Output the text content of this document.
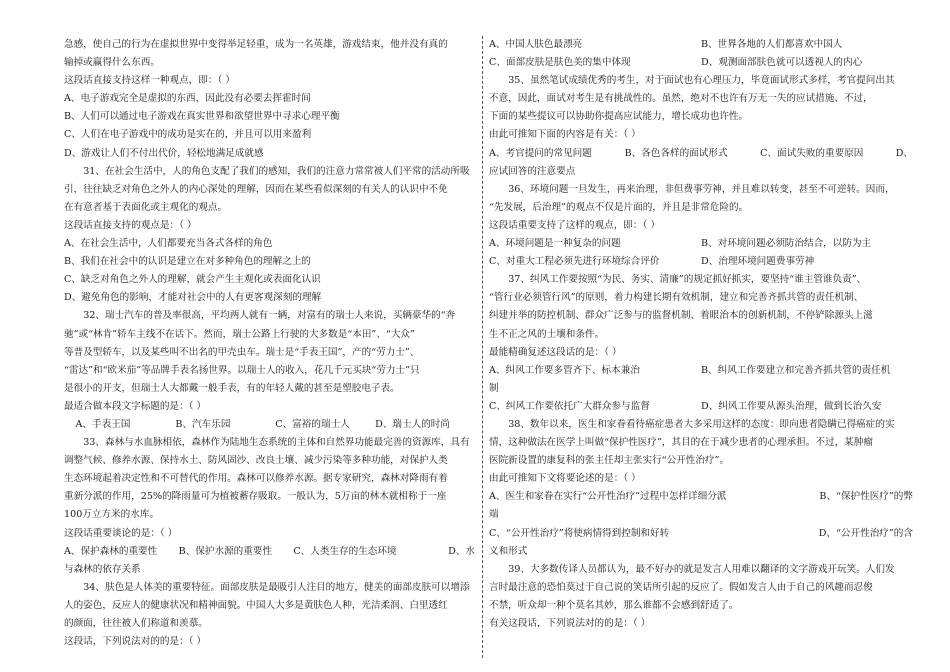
急感，使自己的行为在虚拟世界中变得举足轻重，成为一名英雄，游戏结束，他并没有真的

输掉或赢得什么东西。

这段话直接支持这样一种观点，即：（ ）

A、电子游戏完全是虚拟的东西，因此没有必要去挥霍时间

B、人们可以通过电子游戏在真实世界和欲望世界中寻求心理平衡

C、人们在电子游戏中的成功是实在的，并且可以用来盈利

D、游戏让人们不付出代价，轻松地满足成就感

31、在社会生活中，人的角色支配了我们的感知，我们的注意力常常被人们平常的活动所吸

引，往往缺乏对角色之外人的内心深处的理解，因而在某些看似深刻的有关人的认识中不免

在有意者基于表面化或主观化的观点。

这段话直接支持的观点是：（ ）

A、在社会生活中，人们都要充当各式各样的角色

B、我们在社会中的认识是建立在对多种角色的理解之上的

C、缺乏对角色之外人的理解，就会产生主观化或表面化认识

D、避免角色的影响，才能对社会中的人有更客观深刻的理解

32、瑞士汽车的普及率很高，平均两人就有一辆，对富有的瑞士人来说，买辆豪华的“奔

驰”或“林肯”轿车主线不在话下。然而，瑞士公路上行驶的大多数是“本田”、“大众”

等普及型轿车，以及某些叫不出名的甲壳虫车。瑞士是“手表王国”，产的“劳力士”、

“雷达”和“欧米茄”等品牌手表名扬世界。以瑞士人的收入，花几千元买块“劳力士”只

是很小的开支，但瑞士人大都戴一般手表，有的年轻人戴的甚至是塑胶电子表。

最适合做本段文字标题的是：（ ）

A、手表王国	B、汽车乐园	C、富裕的瑞士人	D、瑞士人的时尚

33、森林与水血脉相依，森林作为陆地生态系统的主体和自然界功能最完善的资源库，具有

调整气候、修养水源、保持水土、防风固沙、改良土壤、减少污染等多种功能，对保护人类

生态环境起着决定性和不可替代的作用。森林可以修养水源。据专家研究，森林对降雨有着

重新分派的作用，25%的降雨量可为植被蓄存吸取。一般认为，5万亩的林木就相称于一座

100万立方米的水库。

这段话重要谈论的是：（ ）

A、保护森林的重要性	B、保护水源的重要性	C、人类生存的生态环境	D、水

与森林的依存关系

34、肤色是人体美的重要特征。面部皮肤是最吸引人注目的地方，健美的面部皮肤可以增添

人的姿色，反应人的健康状况和精神面貌。中国人大多是黄肤色人种，光洁柔润、白里透红

的颜面，往往被人们称道和羡慕。

这段话，下列说法对的的是：（ ）

A、中国人肤色最漂亮	B、世界各地的人们都喜欢中国人
C、面部皮肤是肤色美的集中体现	D、观测面部肤色就可以透视人的内心

35、虽然笔试成绩优秀的考生，对于面试也有心理压力，毕竟面试形式多样，考官提问出其

不意，因此，面试对考生是有挑战性的。虽然，绝对不也许有万无一失的应试措施、不过，

下面的某些提议可以协助你提高应试能力，增长成功也许性。

由此可推知下面的内容是有关：（ ）

A、考官提问的常见问题	B、各色各样的面试形式	C、面试失败的重要原因	D、

应试回答的注意要点

36、环境问题一旦发生，再来治理，非但费事劳神，并且难以转变，甚至不可逆转。因而，

“先发展，后治理”的观点不仅是片面的，并且是非常危险的。

这段话重要支持了这样的观点，即：（ ）

A、环境问题是一种复杂的问题	B、对环境问题必须防治结合，以防为主
C、对重大工程必须先进行环境综合评价	D、治理环境问题费事劳神

37、纠风工作要按照“为民、务实、清廉”的规定抓好抓实，要坚持“谁主管谁负责”、

“管行业必须管行风”的原则，着力构建长期有效机制，建立和完善齐抓共管的责任机制、

纠建并举的防控机制、群众广泛参与的监督机制、着眼治本的创新机制，不停铲除源头上滋

生不正之风的土壤和条件。

最能精确复述这段话的是：（ ）

A、纠风工作要多管齐下、标本兼治	B、纠风工作要建立和完善齐抓共管的责任机

制

C、纠风工作要依托广大群众参与监督	D、纠风工作要从源头治理，做到长治久安

38、数年以来，医生和家眷看待癌症患者大多采用这样的态度：即向患者隐瞒已得癌症的实

情，这种做法在医学上叫做“保护性医疗”，其目的在于减少患者的心理承担。不过，某肿瘤

医院新设置的康复科的张主任却主张实行“公开性治疗”。

由此可推知下文将要论述的是：（ ）

A、医生和家眷在实行“公开性治疗”过程中怎样详细分派	B、“保护性医疗”的弊

端

C、“公开性治疗”将使病情得到控制和好转	D、“公开性治疗”的含

义和形式

39、大多数传译人员都认为，最不好办的就是发言人用难以翻译的文字游戏开玩笑。人们发

言时最注意的恐怕莫过于自己说的笑话所引起的反应了。假如发言人由于自己的风趣而忍俊

不禁，听众却一种个莫名其妙，那么谁都不会感到舒适了。

有关这段话，下列说法对的的是：（ ）
